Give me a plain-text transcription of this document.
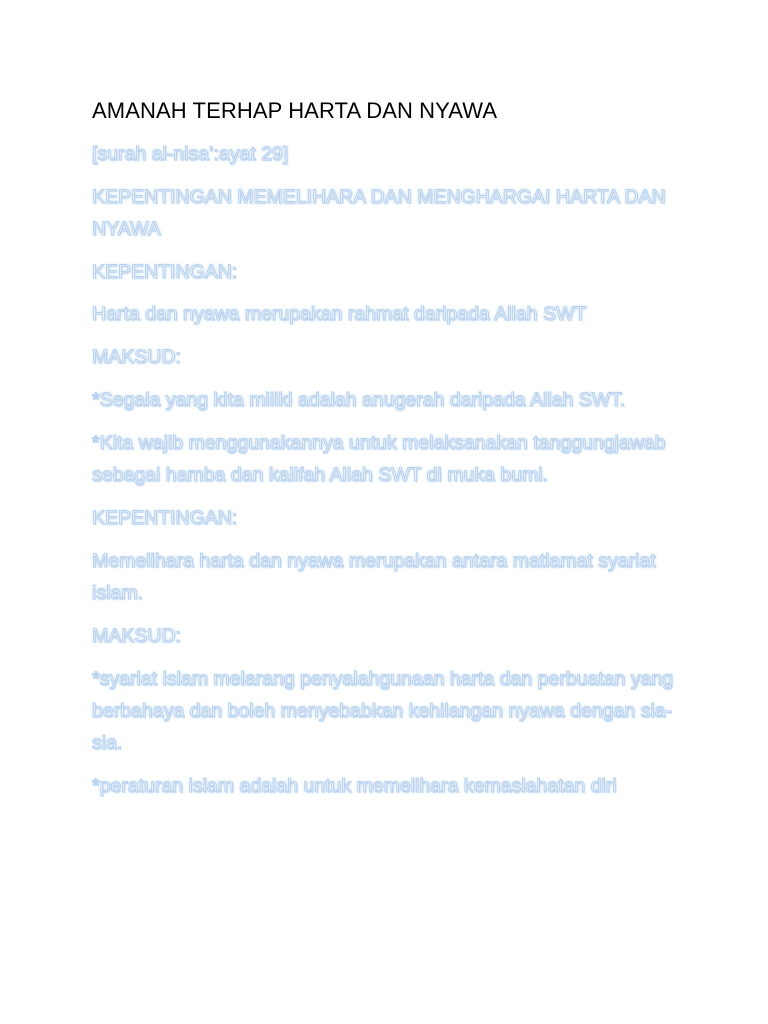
AMANAH TERHAP HARTA DAN NYAWA

[surah al-nisa’:ayat 29]

KEPENTINGAN MEMELIHARA DAN MENGHARGAI HARTA DAN NYAWA

KEPENTINGAN:

Harta dan nyawa merupakan rahmat daripada Allah SWT

MAKSUD:

*Segala yang kita miliki adalah anugerah daripada Allah SWT.

*Kita wajib menggunakannya untuk melaksanakan tanggungjawab sebagai hamba dan kalifah Allah SWT di muka bumi.

KEPENTINGAN:

Memelihara harta dan nyawa merupakan antara matlamat syariat islam.

MAKSUD:

*syariat islam melarang penyalahgunaan harta dan perbuatan yang berbahaya dan boleh menyebabkan kehilangan nyawa dengan sia-sia.

*peraturan islam adalah untuk memelihara kemaslahatan diri
